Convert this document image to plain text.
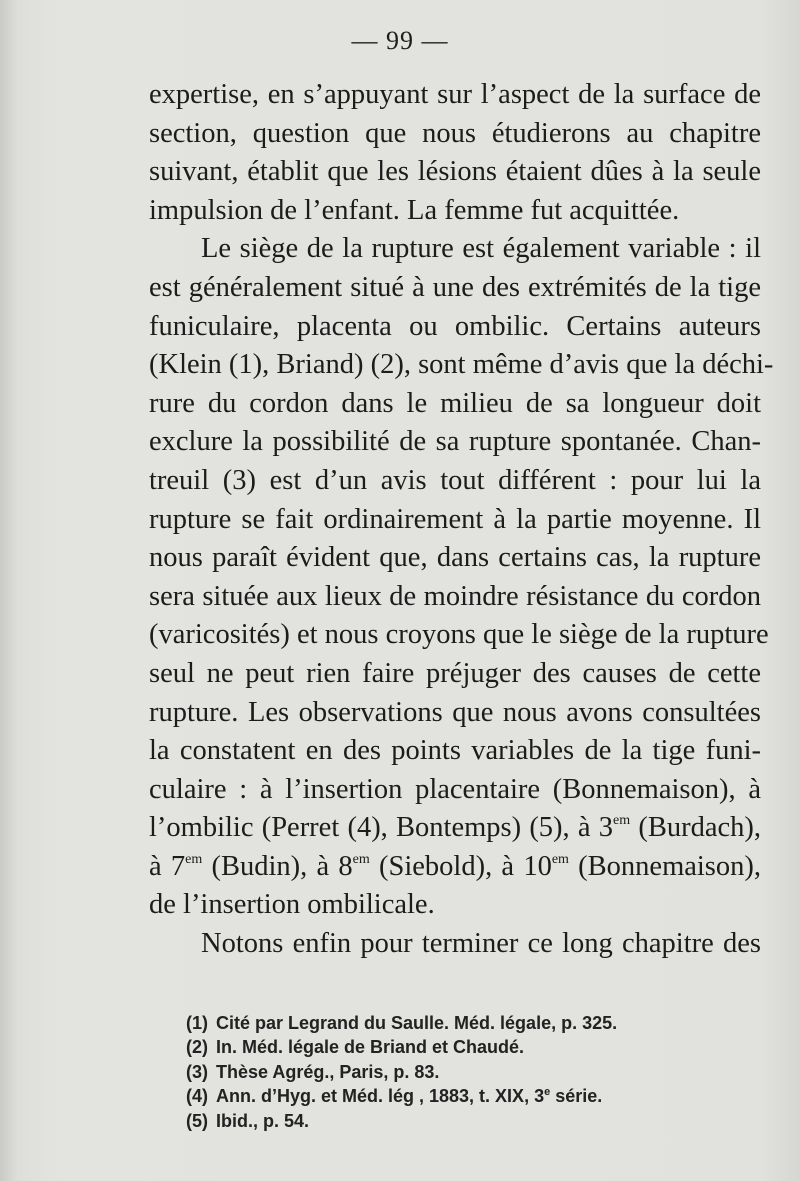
— 99 —
expertise, en s’appuyant sur l’aspect de la surface de
section, question que nous étudierons au chapitre
suivant, établit que les lésions étaient dûes à la seule
impulsion de l’enfant. La femme fut acquittée.
Le siège de la rupture est également variable : il
est généralement situé à une des extrémités de la tige
funiculaire, placenta ou ombilic. Certains auteurs
(Klein (1), Briand) (2), sont même d’avis que la déchi-
rure du cordon dans le milieu de sa longueur doit
exclure la possibilité de sa rupture spontanée. Chan-
treuil (3) est d’un avis tout différent : pour lui la
rupture se fait ordinairement à la partie moyenne. Il
nous paraît évident que, dans certains cas, la rupture
sera située aux lieux de moindre résistance du cordon
(varicosités) et nous croyons que le siège de la rupture
seul ne peut rien faire préjuger des causes de cette
rupture. Les observations que nous avons consultées
la constatent en des points variables de la tige funi-
culaire : à l’insertion placentaire (Bonnemaison), à
l’ombilic (Perret (4), Bontemps) (5), à $3^{em}$ (Burdach),
à $7^{em}$ (Budin), à $8^{em}$ (Siebold), à $10^{em}$ (Bonnemaison),
de l’insertion ombilicale.
Notons enfin pour terminer ce long chapitre des
(1) Cité par Legrand du Saulle. Méd. légale, p. 325.
(2) In. Méd. légale de Briand et Chaudé.
(3) Thèse Agrég., Paris, p. 83.
(4) Ann. d’Hyg. et Méd. lég , 1883, t. XIX, 3e série.
(5) Ibid., p. 54.
